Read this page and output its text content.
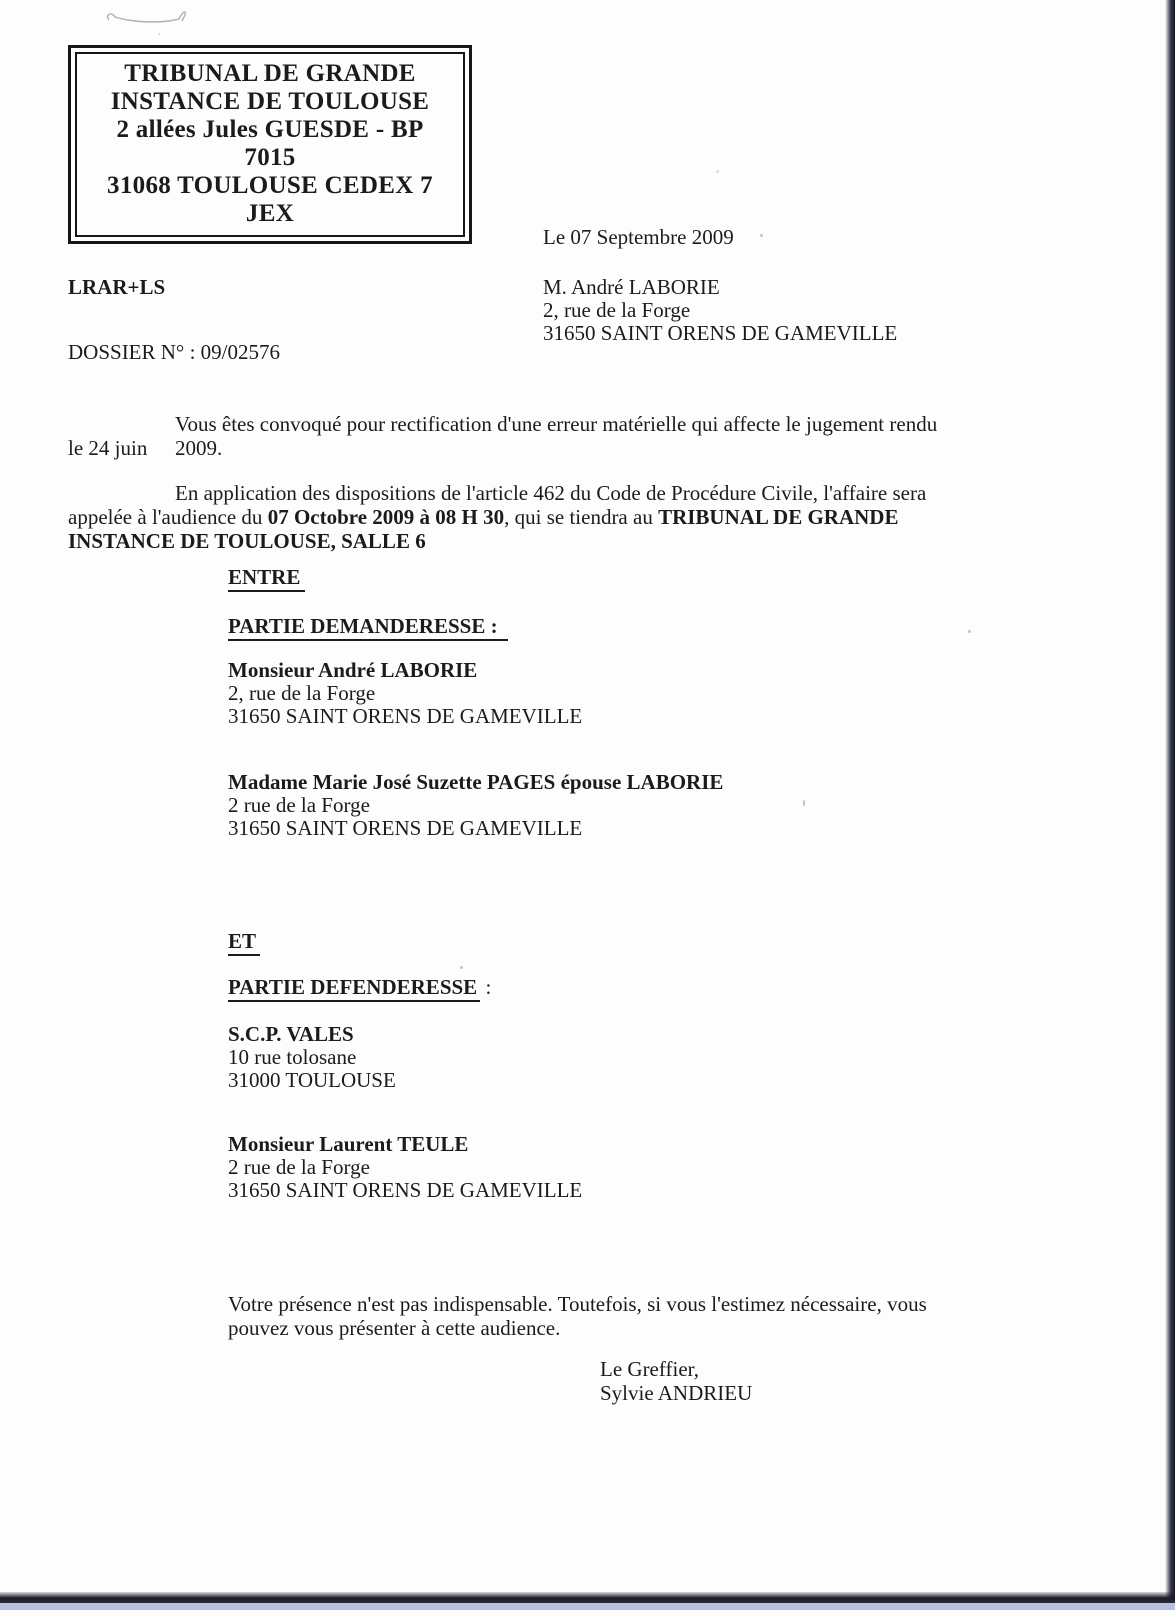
TRIBUNAL DE GRANDE
INSTANCE DE TOULOUSE
2 allées Jules GUESDE - BP
7015
31068 TOULOUSE CEDEX 7
JEX
Le 07 Septembre 2009
LRAR+LS	M. André LABORIE
2, rue de la Forge
31650 SAINT ORENS DE GAMEVILLE
DOSSIER N° : 09/02576
Vous êtes convoqué pour rectification d'une erreur matérielle qui affecte le jugement rendu
le 24 juin 2009.
En application des dispositions de l'article 462 du Code de Procédure Civile, l'affaire sera
appelée à l'audience du 07 Octobre 2009 à 08 H 30, qui se tiendra au TRIBUNAL DE GRANDE
INSTANCE DE TOULOUSE, SALLE 6
ENTRE
PARTIE DEMANDERESSE :
Monsieur André LABORIE
2, rue de la Forge
31650 SAINT ORENS DE GAMEVILLE
Madame Marie José Suzette PAGES épouse LABORIE
2 rue de la Forge
31650 SAINT ORENS DE GAMEVILLE
ET
PARTIE DEFENDERESSE :
S.C.P. VALES
10 rue tolosane
31000 TOULOUSE
Monsieur Laurent TEULE
2 rue de la Forge
31650 SAINT ORENS DE GAMEVILLE
Votre présence n'est pas indispensable. Toutefois, si vous l'estimez nécessaire, vous
pouvez vous présenter à cette audience.
Le Greffier,
Sylvie ANDRIEU
